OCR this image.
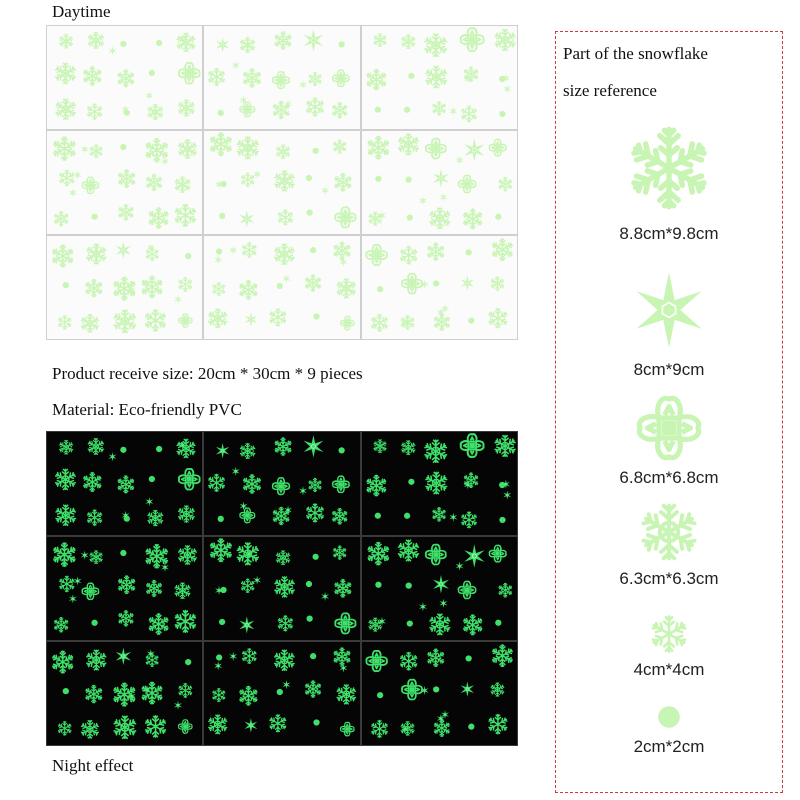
Daytime
Product receive size: 20cm * 30cm * 9 pieces
Material: Eco-friendly PVC
Night effect
Part of the snowflake
size reference
8.8cm*9.8cm
8cm*9cm
6.8cm*6.8cm
6.3cm*6.3cm
4cm*4cm
2cm*2cm
